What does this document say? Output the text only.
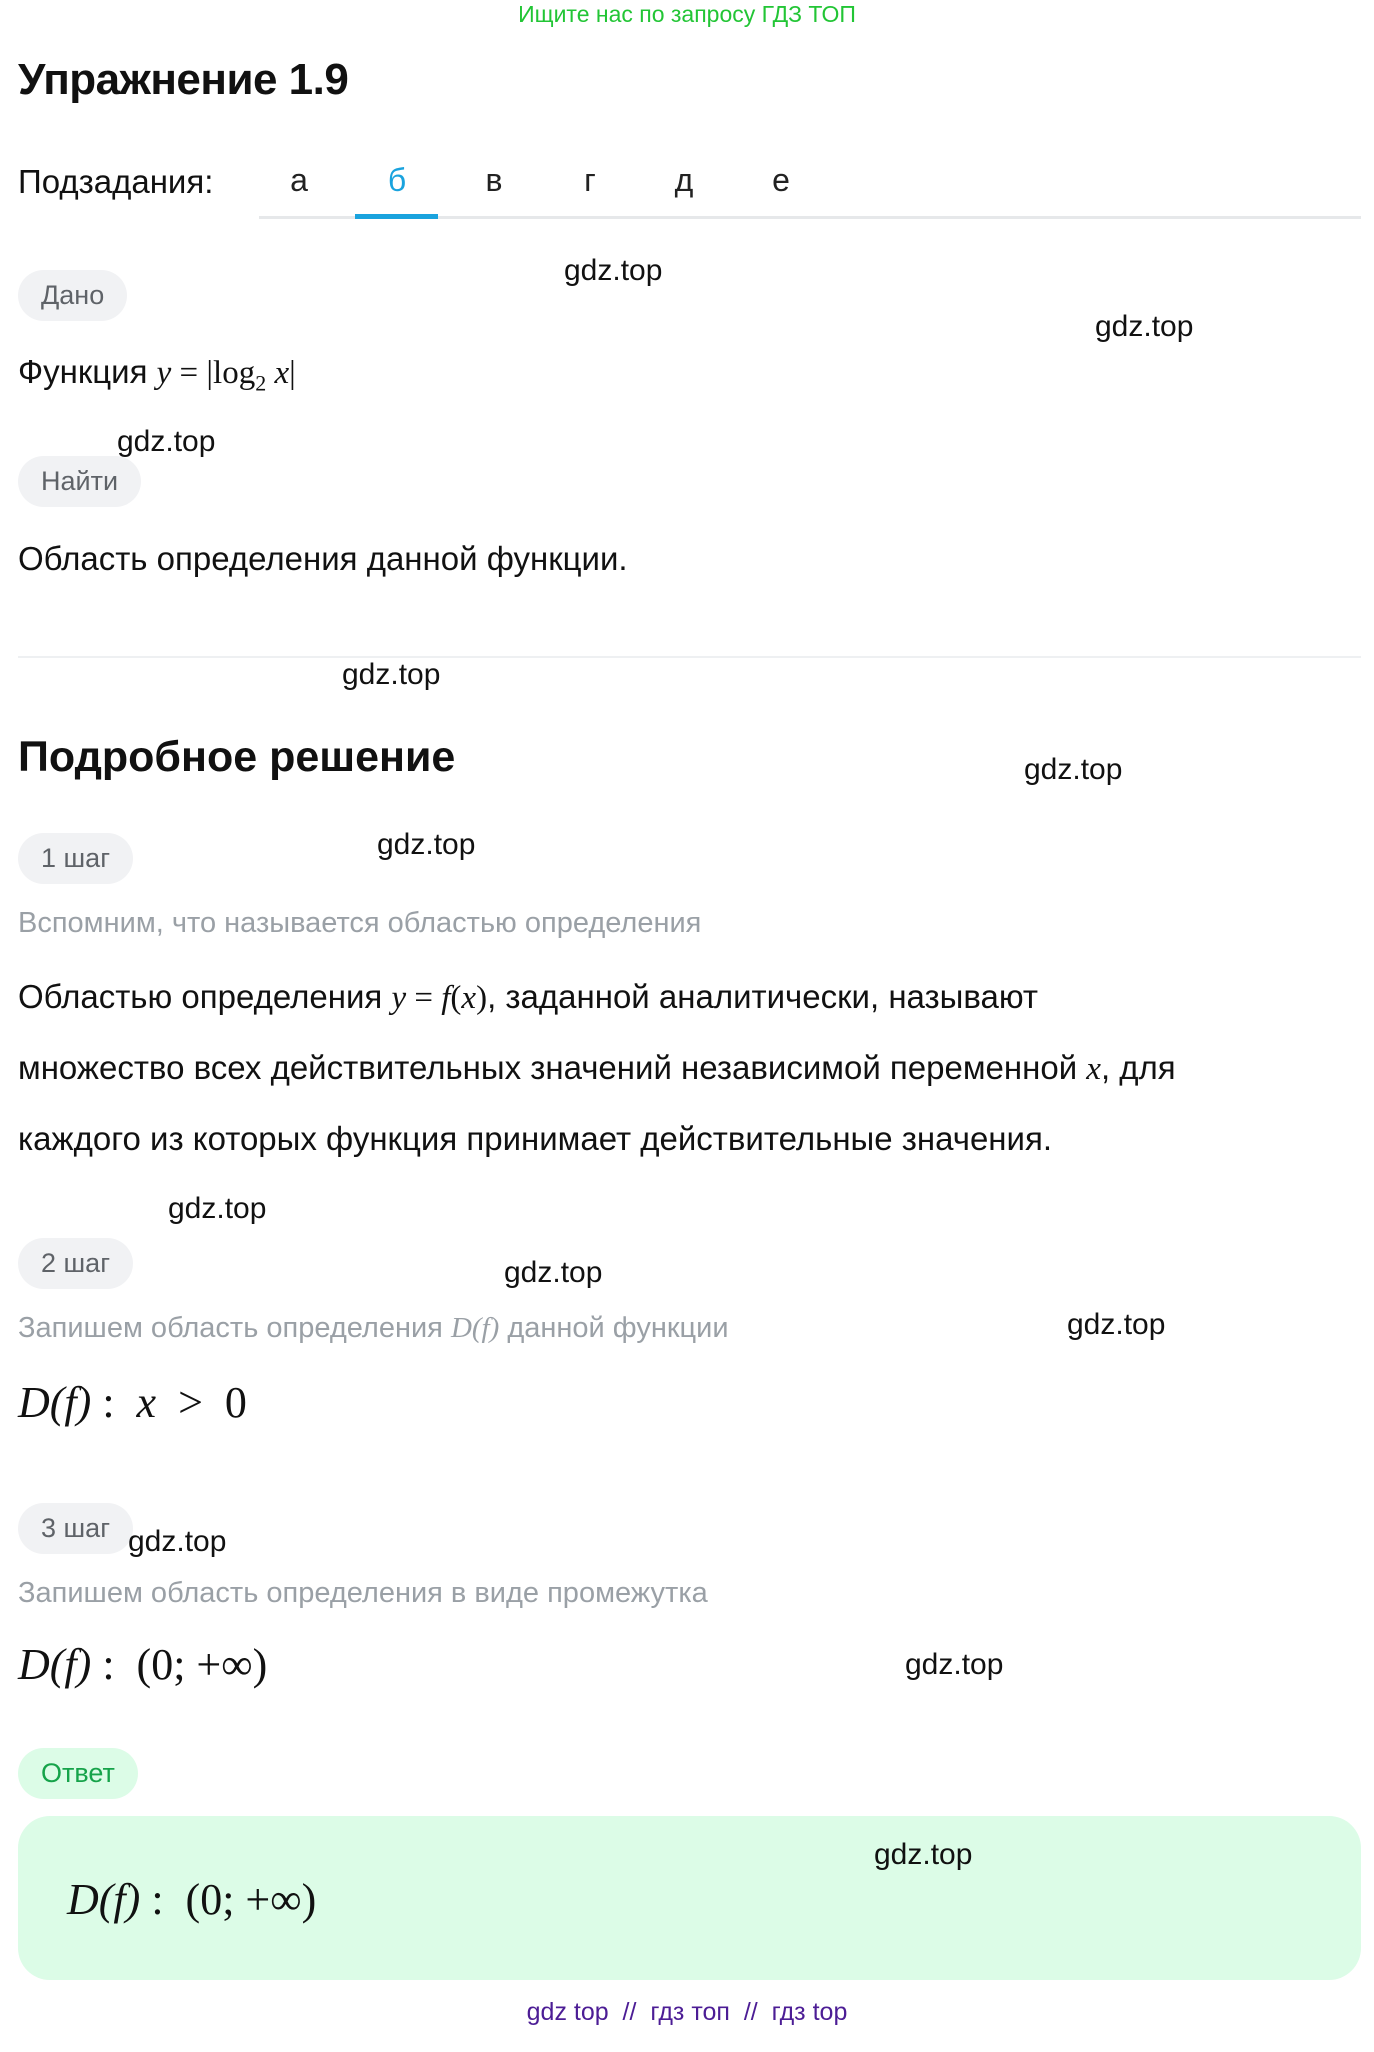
Ищите нас по запросу ГДЗ ТОП
Упражнение 1.9
Подзадания:	а	б	в	г	д	е
Дано
Функция $y = |\log_2$ x|
Найти
Область определения данной функции.
Подробное решение
1 шаг
Вспомним, что называется областью определения
Областью определения y = f(x), заданной аналитически, называют
множество всех действительных значений независимой переменной x, для
каждого из которых функция принимает действительные значения.
2 шаг
Запишем область определения D(f) данной функции
D(f) :  x  >  0
3 шаг
Запишем область определения в виде промежутка
D(f) :  (0; +∞)
Ответ
D(f) :  (0; +∞)
gdz.top
gdz.top
gdz.top
gdz.top
gdz.top
gdz.top
gdz.top
gdz.top
gdz.top
gdz.top
gdz.top
gdz.top
gdz top  //  гдз топ  //  гдз top
